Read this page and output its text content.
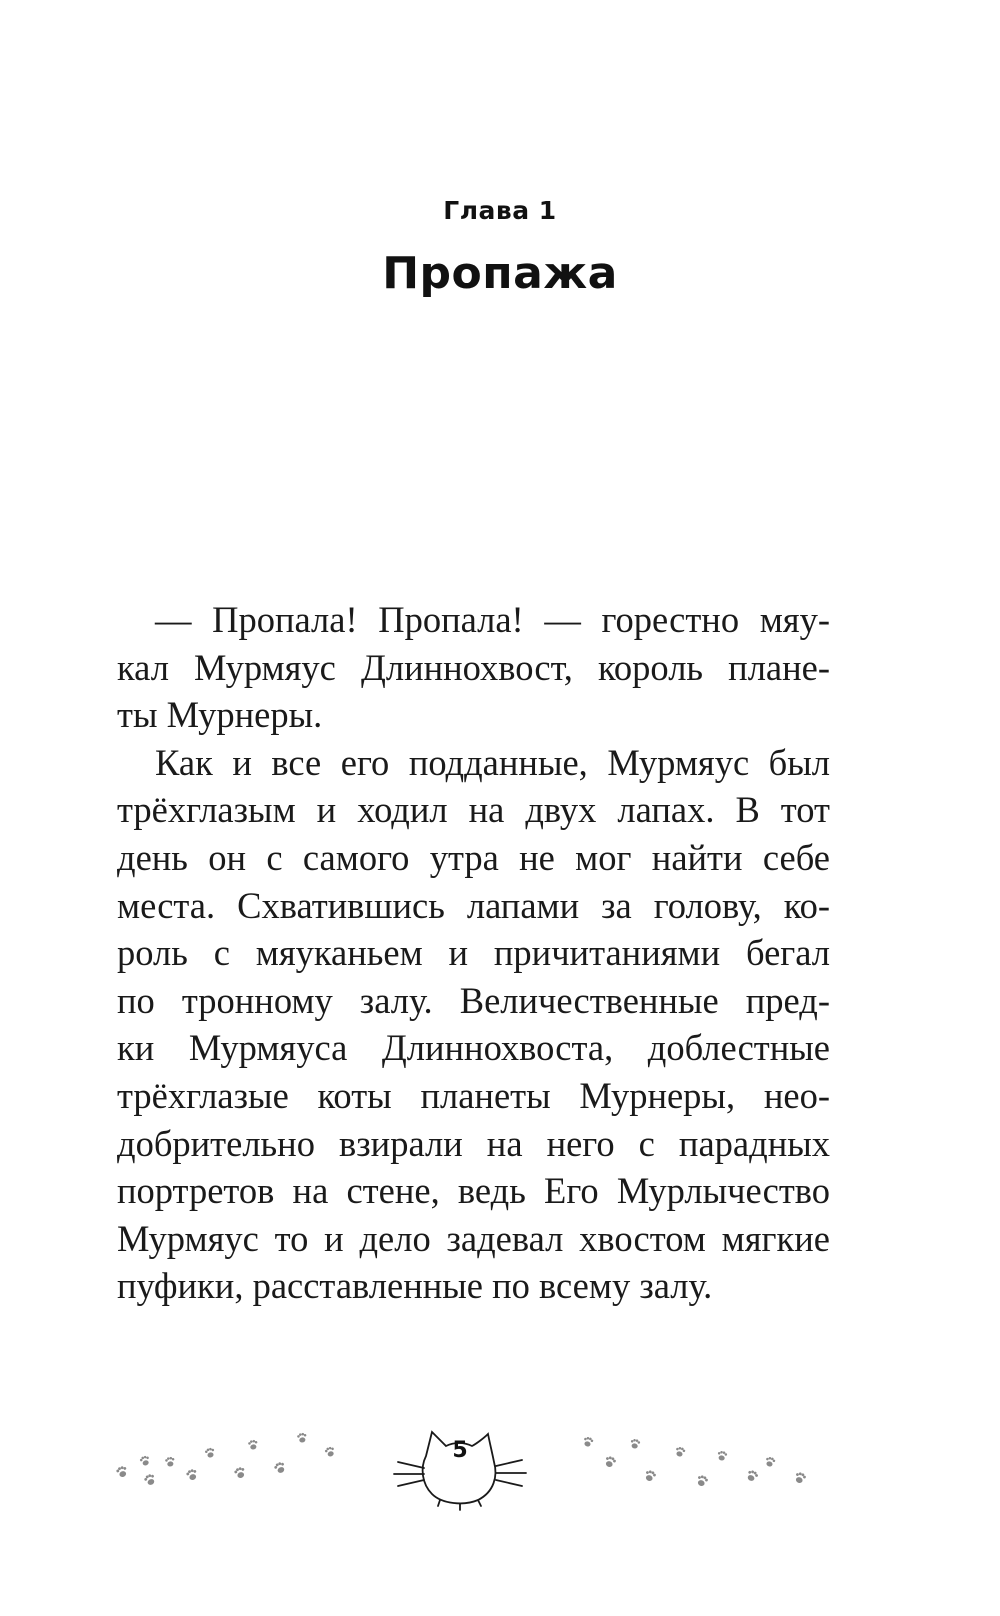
Глава 1
Пропажа
— Пропала! Пропала! — горестно мяу-
кал Мурмяус Длиннохвост, король плане-
ты Мурнеры.
Как и все его подданные, Мурмяус был
трёхглазым и ходил на двух лапах. В тот
день он с самого утра не мог найти себе
места. Схватившись лапами за голову, ко-
роль с мяуканьем и причитаниями бегал
по тронному залу. Величественные пред-
ки Мурмяуса Длиннохвоста, доблестные
трёхглазые коты планеты Мурнеры, нео-
добрительно взирали на него с парадных
портретов на стене, ведь Его Мурлычество
Мурмяус то и дело задевал хвостом мягкие
пуфики, расставленные по всему залу.
5
